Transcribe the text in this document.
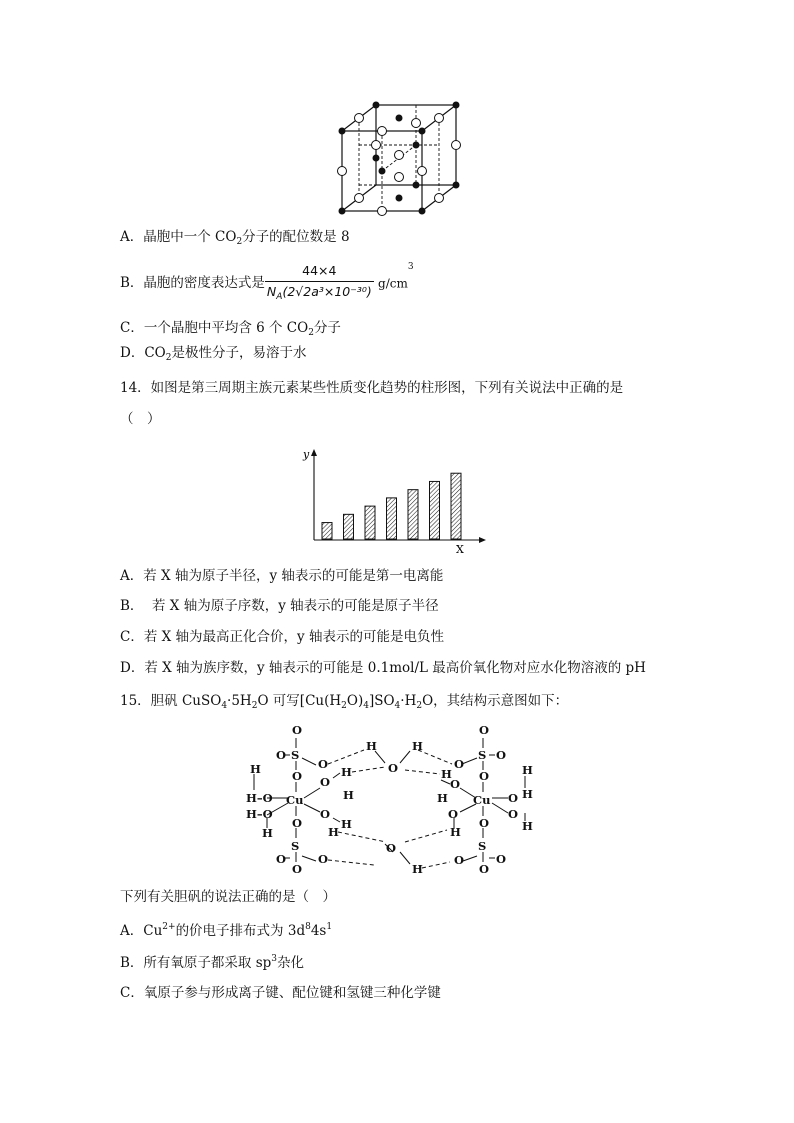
A．晶胞中一个 $CO_2$分子的配位数是 8
B．晶胞的密度表达式是 $\frac{44\times 4}{N_A(2√2a^3\times 10^{-30})} g/cm^3$
C．一个晶胞中平均含 6 个 $CO_2$分子
D．$CO_2$是极性分子，易溶于水
14．如图是第三周期主族元素某些性质变化趋势的柱形图，下列有关说法中正确的是
（　）
y
X
A．若 X 轴为原子半径，y 轴表示的可能是第一电离能
B．  若 X 轴为原子序数，y 轴表示的可能是原子半径
C．若 X 轴为最高正化合价，y 轴表示的可能是电负性
D．若 X 轴为族序数，y 轴表示的可能是 0.1mol/L 最高价氧化物对应水化物溶液的 pH
15．胆矾 $CuSO_4\cdot 5H_2O$ 可写$[Cu(H_2O)_4]SO_4\cdot H_2O$，其结构示意图如下：
O
O S
O
O
H
H–O Cu
H–O
H
O
H
H
O
H
H
O
S
O	O
O
H
O
H
O
H
O
O
S O
O
H
O
H Cu
O
H
O
H
H
O
H
O
S
O	O
O
下列有关胆矾的说法正确的是（　）
A．$Cu^{2+}$的价电子排布式为 $3d^84s^1$
B．所有氧原子都采取 $sp^3$杂化
C．氧原子参与形成离子键、配位键和氢键三种化学键
